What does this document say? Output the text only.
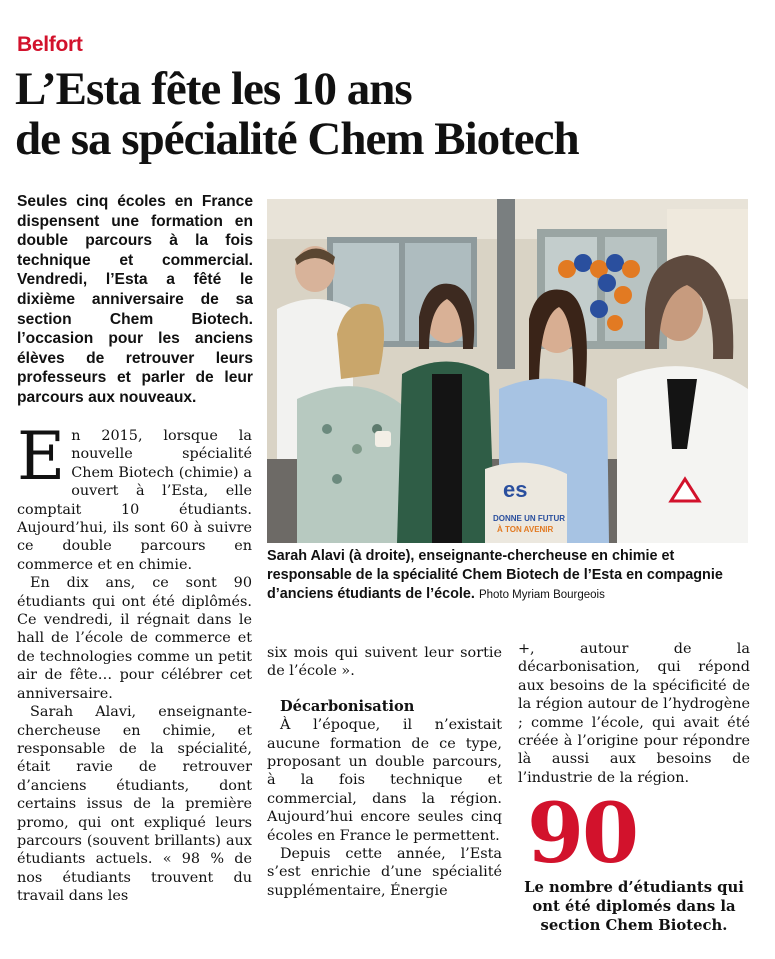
Belfort
L’Esta fête les 10 ans
de sa spécialité Chem Biotech

Seules cinq écoles en France dispensent une formation en double parcours à la fois technique et commercial. Vendredi, l’Esta a fêté le dixième anniversaire de sa section Chem Biotech. l’occasion pour les anciens élèves de retrouver leurs professeurs et parler de leur parcours aux nouveaux.

En 2015, lorsque la nouvelle spécialité Chem Biotech (chimie) a ouvert à l’Esta, elle comptait 10 étudiants. Aujourd’hui, ils sont 60 à suivre ce double parcours en commerce et en chimie.

En dix ans, ce sont 90 étudiants qui ont été diplômés. Ce vendredi, il régnait dans le hall de l’école de commerce et de technologies comme un petit air de fête… pour célébrer cet anniversaire.

Sarah Alavi, enseignante-chercheuse en chimie, et responsable de la spécialité, était ravie de retrouver d’anciens étudiants, dont certains issus de la première promo, qui ont expliqué leurs parcours (souvent brillants) aux étudiants actuels. « 98 % de nos étudiants trouvent du travail dans les

es
DONNE UN FUTUR
À TON AVENIR
Sarah Alavi (à droite), enseignante-chercheuse en chimie et responsable de la spécialité Chem Biotech de l’Esta en compagnie d’anciens étudiants de l’école. Photo Myriam Bourgeois

six mois qui suivent leur sortie de l’école ».

Décarbonisation

À l’époque, il n’existait aucune formation de ce type, proposant un double parcours, à la fois technique et commercial, dans la région. Aujourd’hui encore seules cinq écoles en France le permettent.

Depuis cette année, l’Esta s’est enrichie d’une spécialité supplémentaire, Énergie

+, autour de la décarbonisation, qui répond aux besoins de la spécificité de la région autour de l’hydrogène ; comme l’école, qui avait été créée à l’origine pour répondre là aussi aux besoins de l’industrie de la région.

90
Le nombre d’étudiants qui ont été diplomés dans la section Chem Biotech.
